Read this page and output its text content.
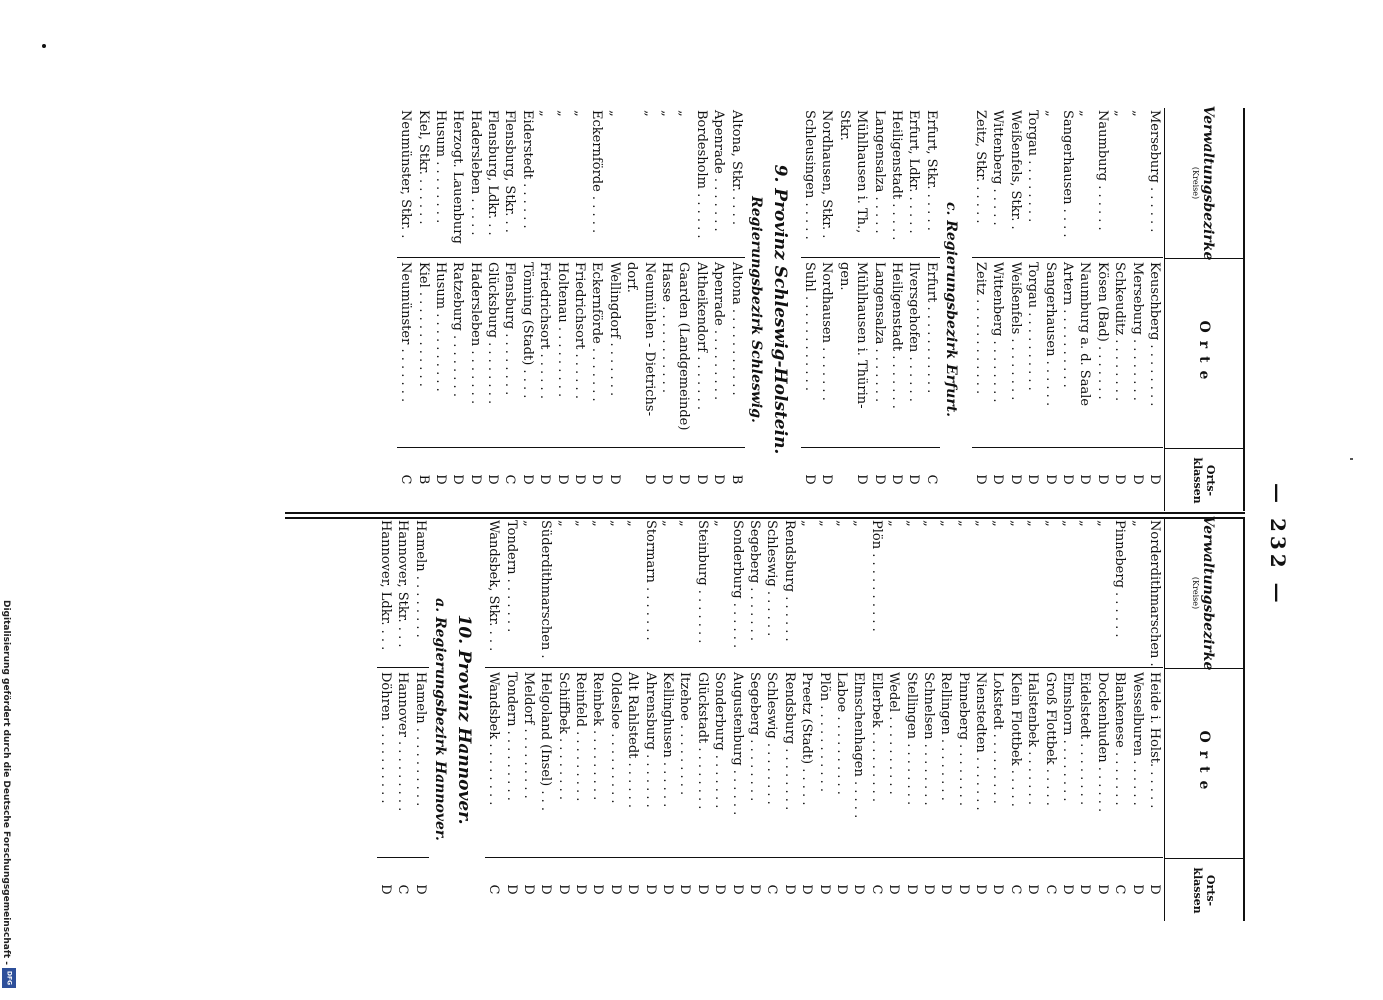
Digitalisierung gefördert durch die Deutsche Forschungsgemeinschaft -
DFG
— 232 —
Verwaltungsbezirke
(Kreise)
Orte
Orts-
klassen
Merseburg . . . . . .
Keuschberg . . . . . . . .
D
„
Merseburg . . . . . . . .
D
„
Schkeuditz . . . . . . . .
D
Naumburg . . . . . .
Kösen (Bad) . . . . . . .
D
„
Naumburg a. d. Saale
D
Sangerhausen . . . .
Artern . . . . . . . . . .
D
„
Sangerhausen . . . . . .
D
Torgau . . . . . . . .
Torgau . . . . . . . . . .
D
Weißenfels, Stkr. .
Weißenfels . . . . . . . .
D
Wittenberg . . . . .
Wittenberg . . . . . . . .
D
Zeitz, Stkr. . . . . .
Zeitz . . . . . . . . . . . .
D
c. Regierungsbezirk Erfurt.
Erfurt, Stkr. . . . . .
Erfurt . . . . . . . . . . .
C
Erfurt, Ldkr. . . . . .
Ilversgehofen . . . . . .
D
Heiligenstadt . . . . .
Heiligenstadt . . . . . . .
D
Langensalza . . . . .
Langensalza . . . . . . .
D
Mühlhausen i. Th.,
Mühlhausen i. Thürin-
D
Stkr.
gen.
Nordhausen, Stkr. .
Nordhausen . . . . . . .
D
Schleusingen . . . . .
Suhl . . . . . . . . . . . .
D
9. Provinz Schleswig-Holstein.
Regierungsbezirk Schleswig.
Altona, Stkr. . . . .
Altona . . . . . . . . . . .
B
Apenrade . . . . . . .
Apenrade . . . . . . . . .
D
Bordesholm . . . . . .
Altheikendorf . . . . . . .
D
„
Gaarden (Landgemeinde)
D
„
Hasse . . . . . . . . . . .
D
„
Neumühlen - Dietrichs-
D
dorf.
„
Wellingdorf . . . . . . .
D
Eckernförde . . . . .
Eckernförde . . . . . . .
D
„
Friedrichsort . . . . . .
D
„
Holtenau . . . . . . . . .
D
„
Friedrichsort . . . . . .
D
Eiderstedt . . . . . .
Tönning (Stadt) . . . .
D
Flensburg, Stkr. . .
Flensburg . . . . . . . .
C
Flensburg, Ldkr. . .
Glücksburg . . . . . . . .
D
Hadersleben . . . . .
Hadersleben . . . . . . .
D
Herzogt. Lauenburg
Ratzeburg . . . . . . . .
D
Husum . . . . . . . .
Husum . . . . . . . . . .
D
Kiel, Stkr. . . . . . .
Kiel . . . . . . . . . . . .
B
Neumünster, Stkr. .
Neumünster . . . . . . .
C
Verwaltungsbezirke
(Kreise)
Orte
Orts-
klassen
Norderdithmarschen .
Heide i. Holst. . . . . .
D
„
Wesselburen . . . . . .
D
Pinneberg . . . . . .
Blankenese . . . . . . .
C
„
Dockenhuden . . . . . .
D
„
Eidelstedt . . . . . . . .
D
„
Elmshorn . . . . . . . .
D
„
Groß Flottbek . . . . .
C
„
Halstenbek . . . . . . .
D
„
Klein Flottbek . . . . .
C
„
Lokstedt . . . . . . . . .
D
„
Nienstedten . . . . . . .
D
„
Pinneberg . . . . . . . .
D
„
Rellingen . . . . . . . .
D
„
Schnelsen . . . . . . . .
D
„
Stellingen . . . . . . . .
D
„
Wedel . . . . . . . . . .
D
Plön . . . . . . . . . .
Ellerbek . . . . . . . . .
C
„
Elmschenhagen . . . . .
D
„
Laboe . . . . . . . . . .
D
„
Plön . . . . . . . . . . .
D
„
Preetz (Stadt) . . . . .
D
Rendsburg . . . . . .
Rendsburg . . . . . . . .
D
Schleswig . . . . . .
Schleswig . . . . . . . .
C
Segeberg . . . . . . .
Segeberg . . . . . . . .
D
Sonderburg . . . . . .
Augustenburg . . . . . .
D
„
Sonderburg . . . . . . .
D
Steinburg . . . . . . .
Glückstadt . . . . . . . .
D
„
Itzehoe . . . . . . . . .
D
„
Kellinghusen . . . . . .
D
Stormarn . . . . . . .
Ahrensburg . . . . . . .
D
„
Alt Rahlstedt . . . . . .
D
„
Oldesloe . . . . . . . . .
D
„
Reinbek . . . . . . . . .
D
„
Reinfeld . . . . . . . . .
D
„
Schiffbek . . . . . . . .
D
Süderdithmarschen .
Helgoland (Insel) . . .
D
„
Meldorf . . . . . . . . .
D
Tondern . . . . . . .
Tondern . . . . . . . . .
D
Wandsbek, Stkr. . . .
Wandsbek . . . . . . . .
C
10. Provinz Hannover.
a. Regierungsbezirk Hannover.
Hameln . . . . . . . .
Hameln . . . . . . . . . .
D
Hannover, Stkr. . . .
Hannover . . . . . . . . .
C
Hannover, Ldkr. . . .
Döhren . . . . . . . . . .
D
